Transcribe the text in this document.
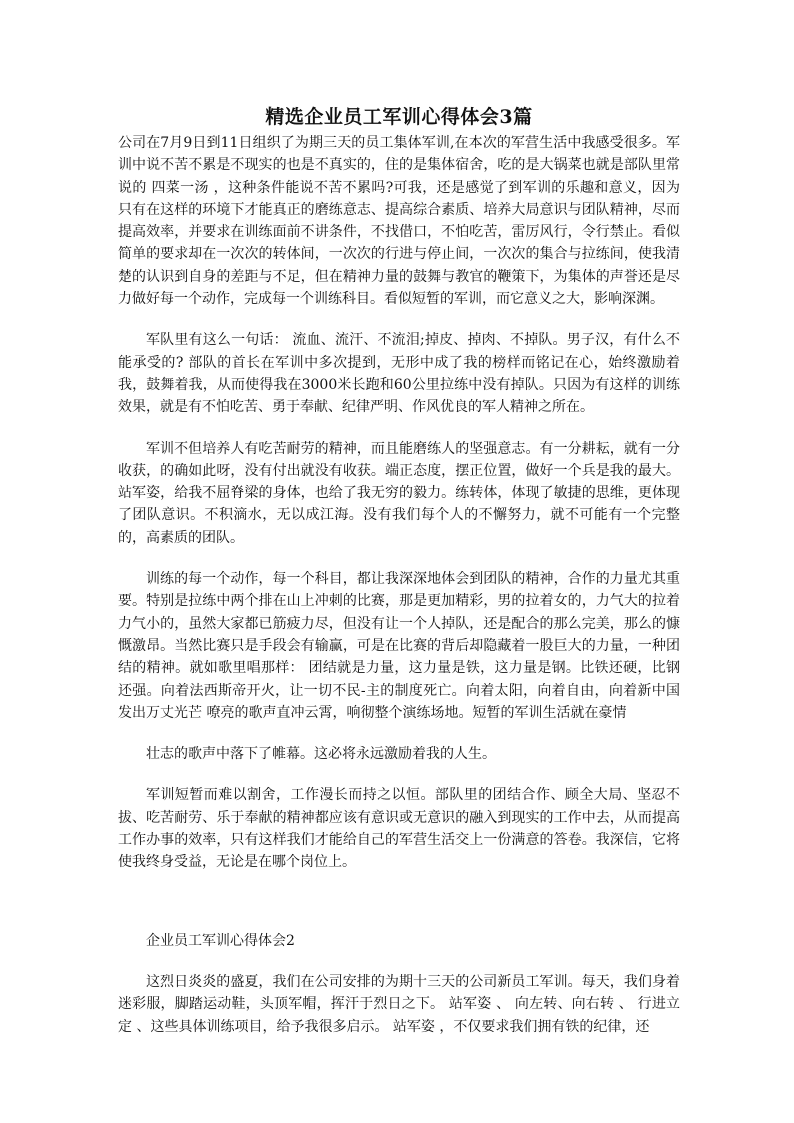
精选企业员工军训心得体会3篇

公司在7月9日到11日组织了为期三天的员工集体军训,在本次的军营生活中我感受很多。军训中说不苦不累是不现实的也是不真实的，住的是集体宿舍，吃的是大锅菜也就是部队里常说的 四菜一汤 ，这种条件能说不苦不累吗?可我，还是感觉了到军训的乐趣和意义，因为只有在这样的环境下才能真正的磨练意志、提高综合素质、培养大局意识与团队精神，尽而提高效率，并要求在训练面前不讲条件，不找借口，不怕吃苦，雷厉风行，令行禁止。看似简单的要求却在一次次的转体间，一次次的行进与停止间，一次次的集合与拉练间，使我清楚的认识到自身的差距与不足，但在精神力量的鼓舞与教官的鞭策下，为集体的声誉还是尽力做好每一个动作，完成每一个训练科目。看似短暂的军训，而它意义之大，影响深渊。

军队里有这么一句话： 流血、流汗、不流泪;掉皮、掉肉、不掉队。男子汉，有什么不能承受的? 部队的首长在军训中多次提到，无形中成了我的榜样而铭记在心，始终激励着我，鼓舞着我，从而使得我在3000米长跑和60公里拉练中没有掉队。只因为有这样的训练效果，就是有不怕吃苦、勇于奉献、纪律严明、作风优良的军人精神之所在。

军训不但培养人有吃苦耐劳的精神，而且能磨练人的坚强意志。有一分耕耘，就有一分收获，的确如此呀，没有付出就没有收获。端正态度，摆正位置，做好一个兵是我的最大。站军姿，给我不屈脊梁的身体，也给了我无穷的毅力。练转体，体现了敏捷的思维，更体现了团队意识。不积滴水，无以成江海。没有我们每个人的不懈努力，就不可能有一个完整的，高素质的团队。

训练的每一个动作，每一个科目，都让我深深地体会到团队的精神，合作的力量尤其重要。特别是拉练中两个排在山上冲刺的比赛，那是更加精彩，男的拉着女的，力气大的拉着力气小的，虽然大家都已筋疲力尽，但没有让一个人掉队，还是配合的那么完美，那么的慷慨激昂。当然比赛只是手段会有输赢，可是在比赛的背后却隐藏着一股巨大的力量，一种团结的精神。就如歌里唱那样： 团结就是力量，这力量是铁，这力量是钢。比铁还硬，比钢还强。向着法西斯帝开火，让一切不民-主的制度死亡。向着太阳，向着自由，向着新中国发出万丈光芒 嘹亮的歌声直冲云霄，响彻整个演练场地。短暂的军训生活就在豪情

壮志的歌声中落下了帷幕。这必将永远激励着我的人生。

军训短暂而难以割舍，工作漫长而持之以恒。部队里的团结合作、顾全大局、坚忍不拔、吃苦耐劳、乐于奉献的精神都应该有意识或无意识的融入到现实的工作中去，从而提高工作办事的效率，只有这样我们才能给自己的军营生活交上一份满意的答卷。我深信，它将使我终身受益，无论是在哪个岗位上。

企业员工军训心得体会2

这烈日炎炎的盛夏，我们在公司安排的为期十三天的公司新员工军训。每天，我们身着迷彩服，脚踏运动鞋，头顶军帽，挥汗于烈日之下。 站军姿 、 向左转、向右转 、 行进立定 、这些具体训练项目，给予我很多启示。 站军姿 ，不仅要求我们拥有铁的纪律，还
